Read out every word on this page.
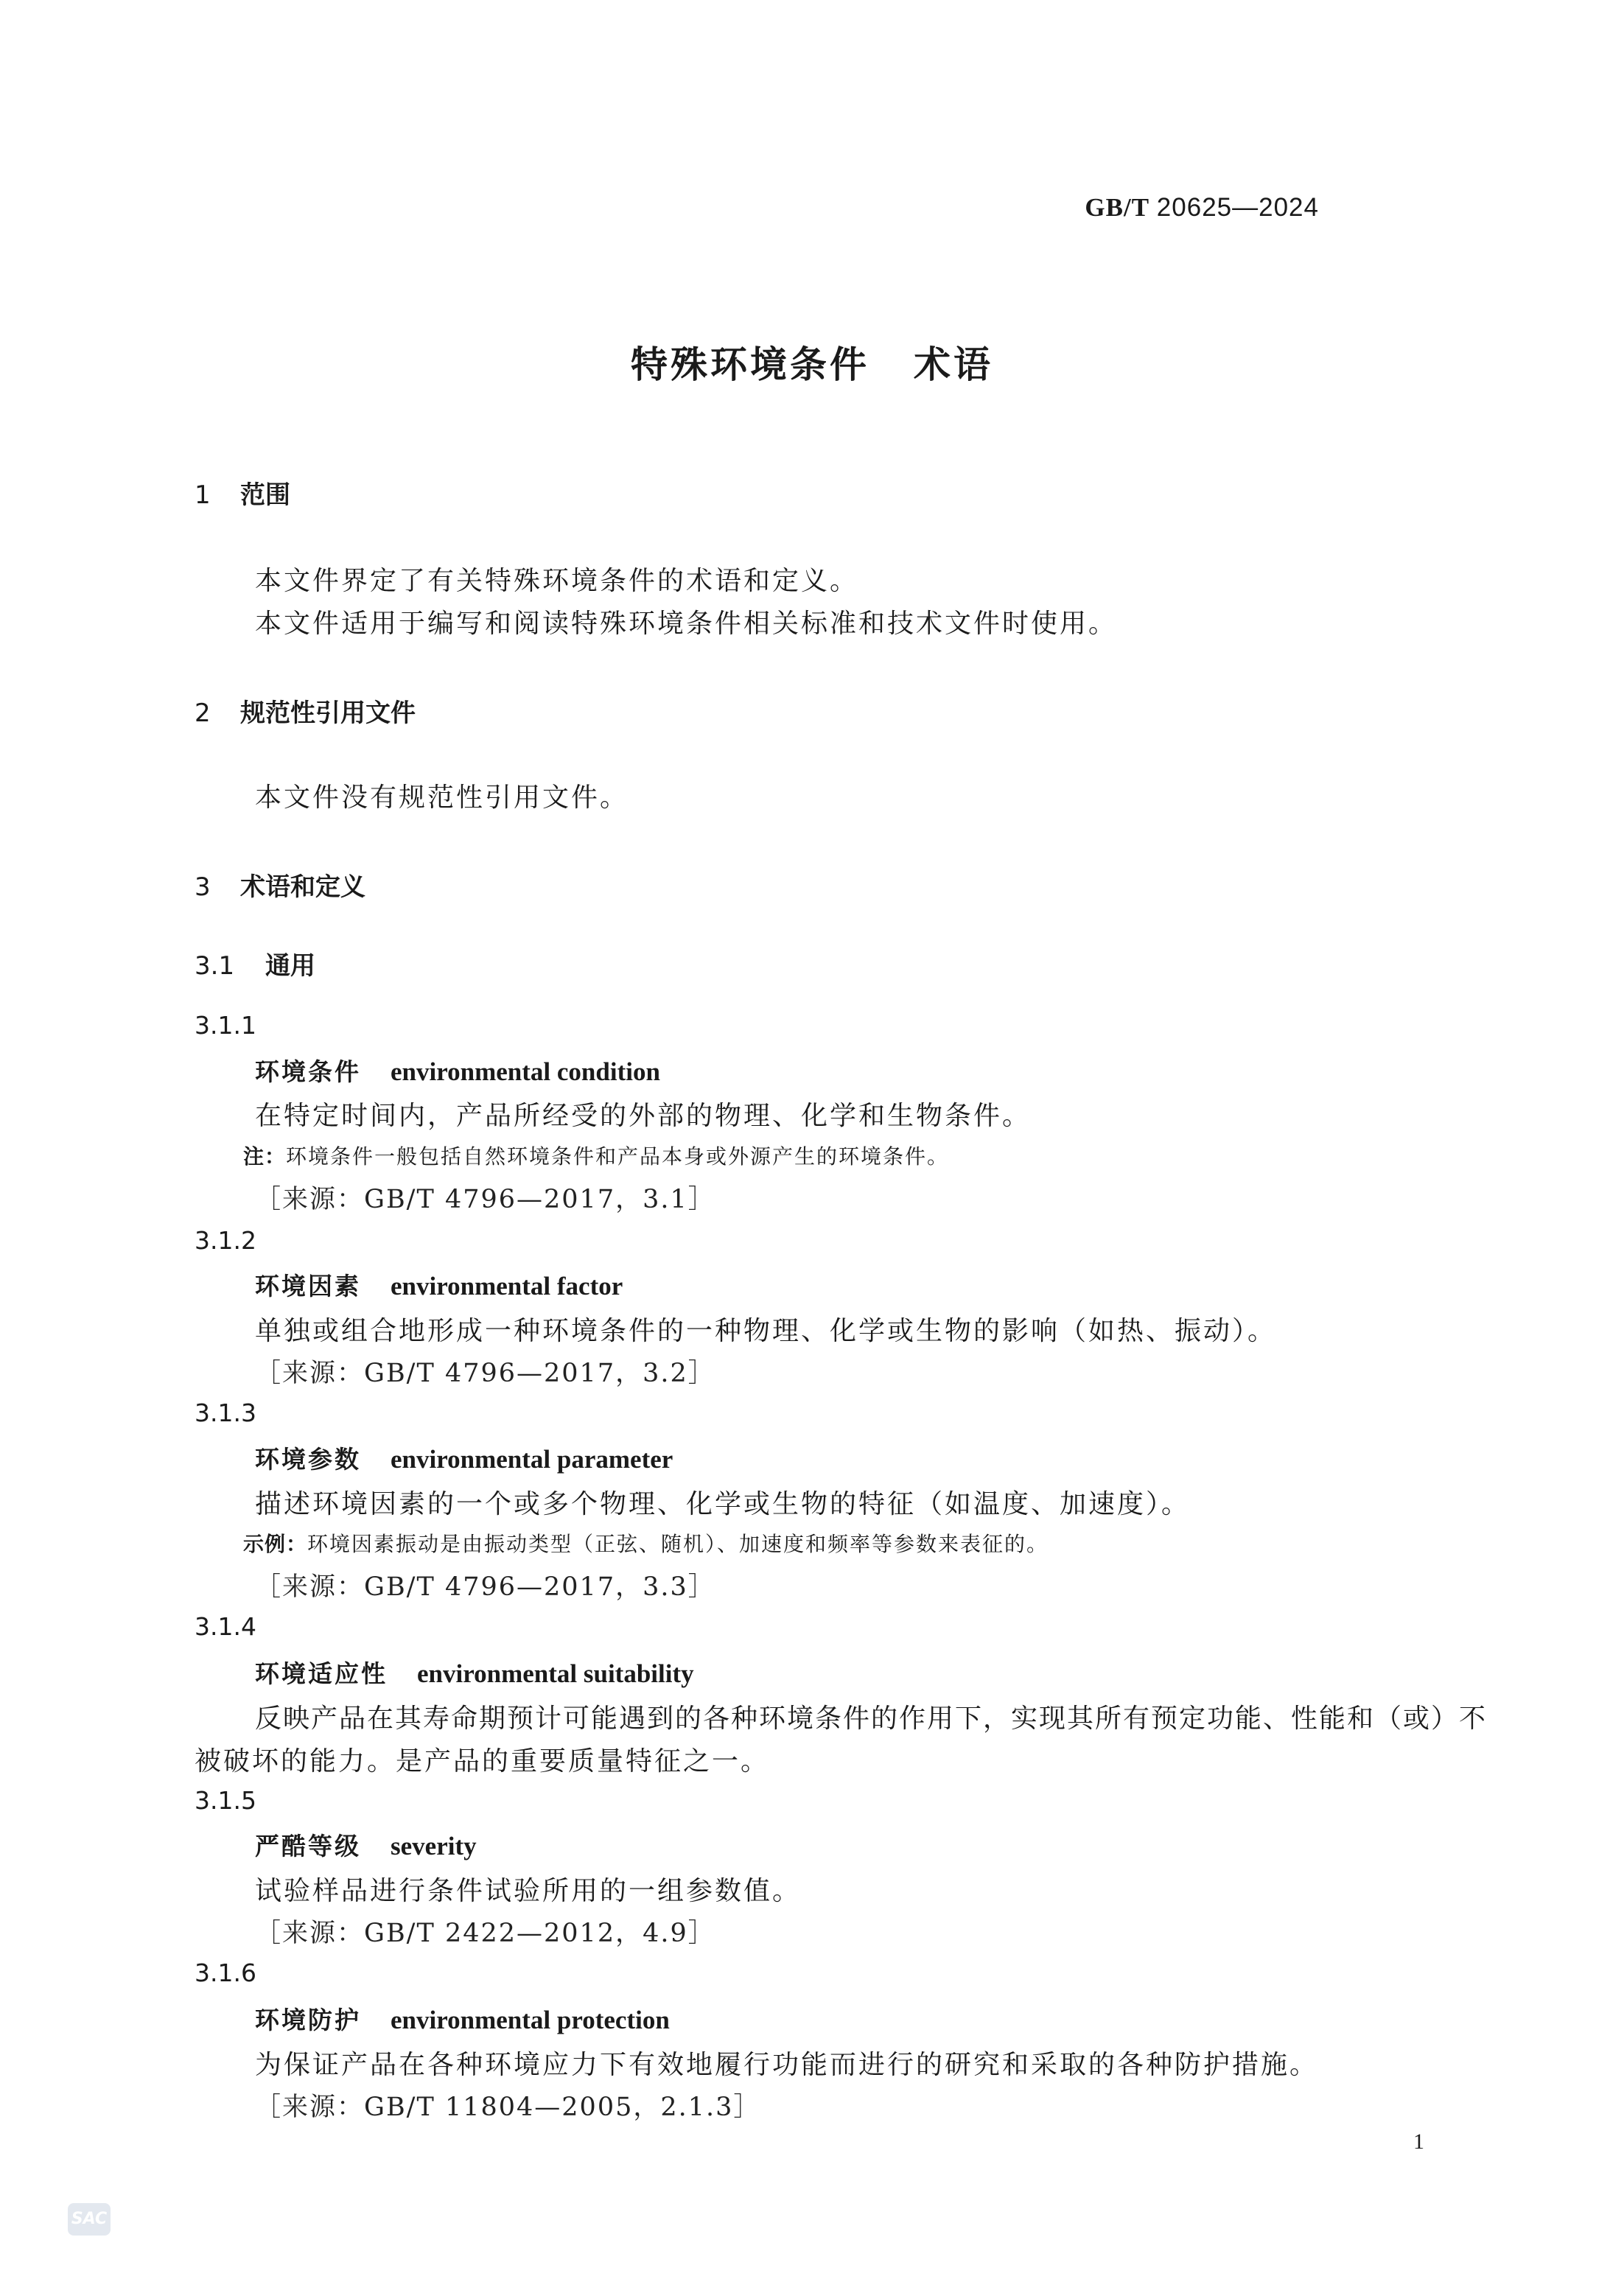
GB/T 20625—2024
特殊环境条件 术语
1 范围
本文件界定了有关特殊环境条件的术语和定义。
本文件适用于编写和阅读特殊环境条件相关标准和技术文件时使用。
2 规范性引用文件
本文件没有规范性引用文件。
3 术语和定义
3.1 通用
3.1.1
环境条件 environmental condition
在特定时间内，产品所经受的外部的物理、化学和生物条件。
注：环境条件一般包括自然环境条件和产品本身或外源产生的环境条件。
［来源：GB/T 4796—2017，3.1］
3.1.2
环境因素 environmental factor
单独或组合地形成一种环境条件的一种物理、化学或生物的影响（如热、振动）。
［来源：GB/T 4796—2017，3.2］
3.1.3
环境参数 environmental parameter
描述环境因素的一个或多个物理、化学或生物的特征（如温度、加速度）。
示例：环境因素振动是由振动类型（正弦、随机）、加速度和频率等参数来表征的。
［来源：GB/T 4796—2017，3.3］
3.1.4
环境适应性 environmental suitability
反映产品在其寿命期预计可能遇到的各种环境条件的作用下，实现其所有预定功能、性能和（或）不
被破坏的能力。是产品的重要质量特征之一。
3.1.5
严酷等级 severity
试验样品进行条件试验所用的一组参数值。
［来源：GB/T 2422—2012，4.9］
3.1.6
环境防护 environmental protection
为保证产品在各种环境应力下有效地履行功能而进行的研究和采取的各种防护措施。
［来源：GB/T 11804—2005，2.1.3］
1
SAC
